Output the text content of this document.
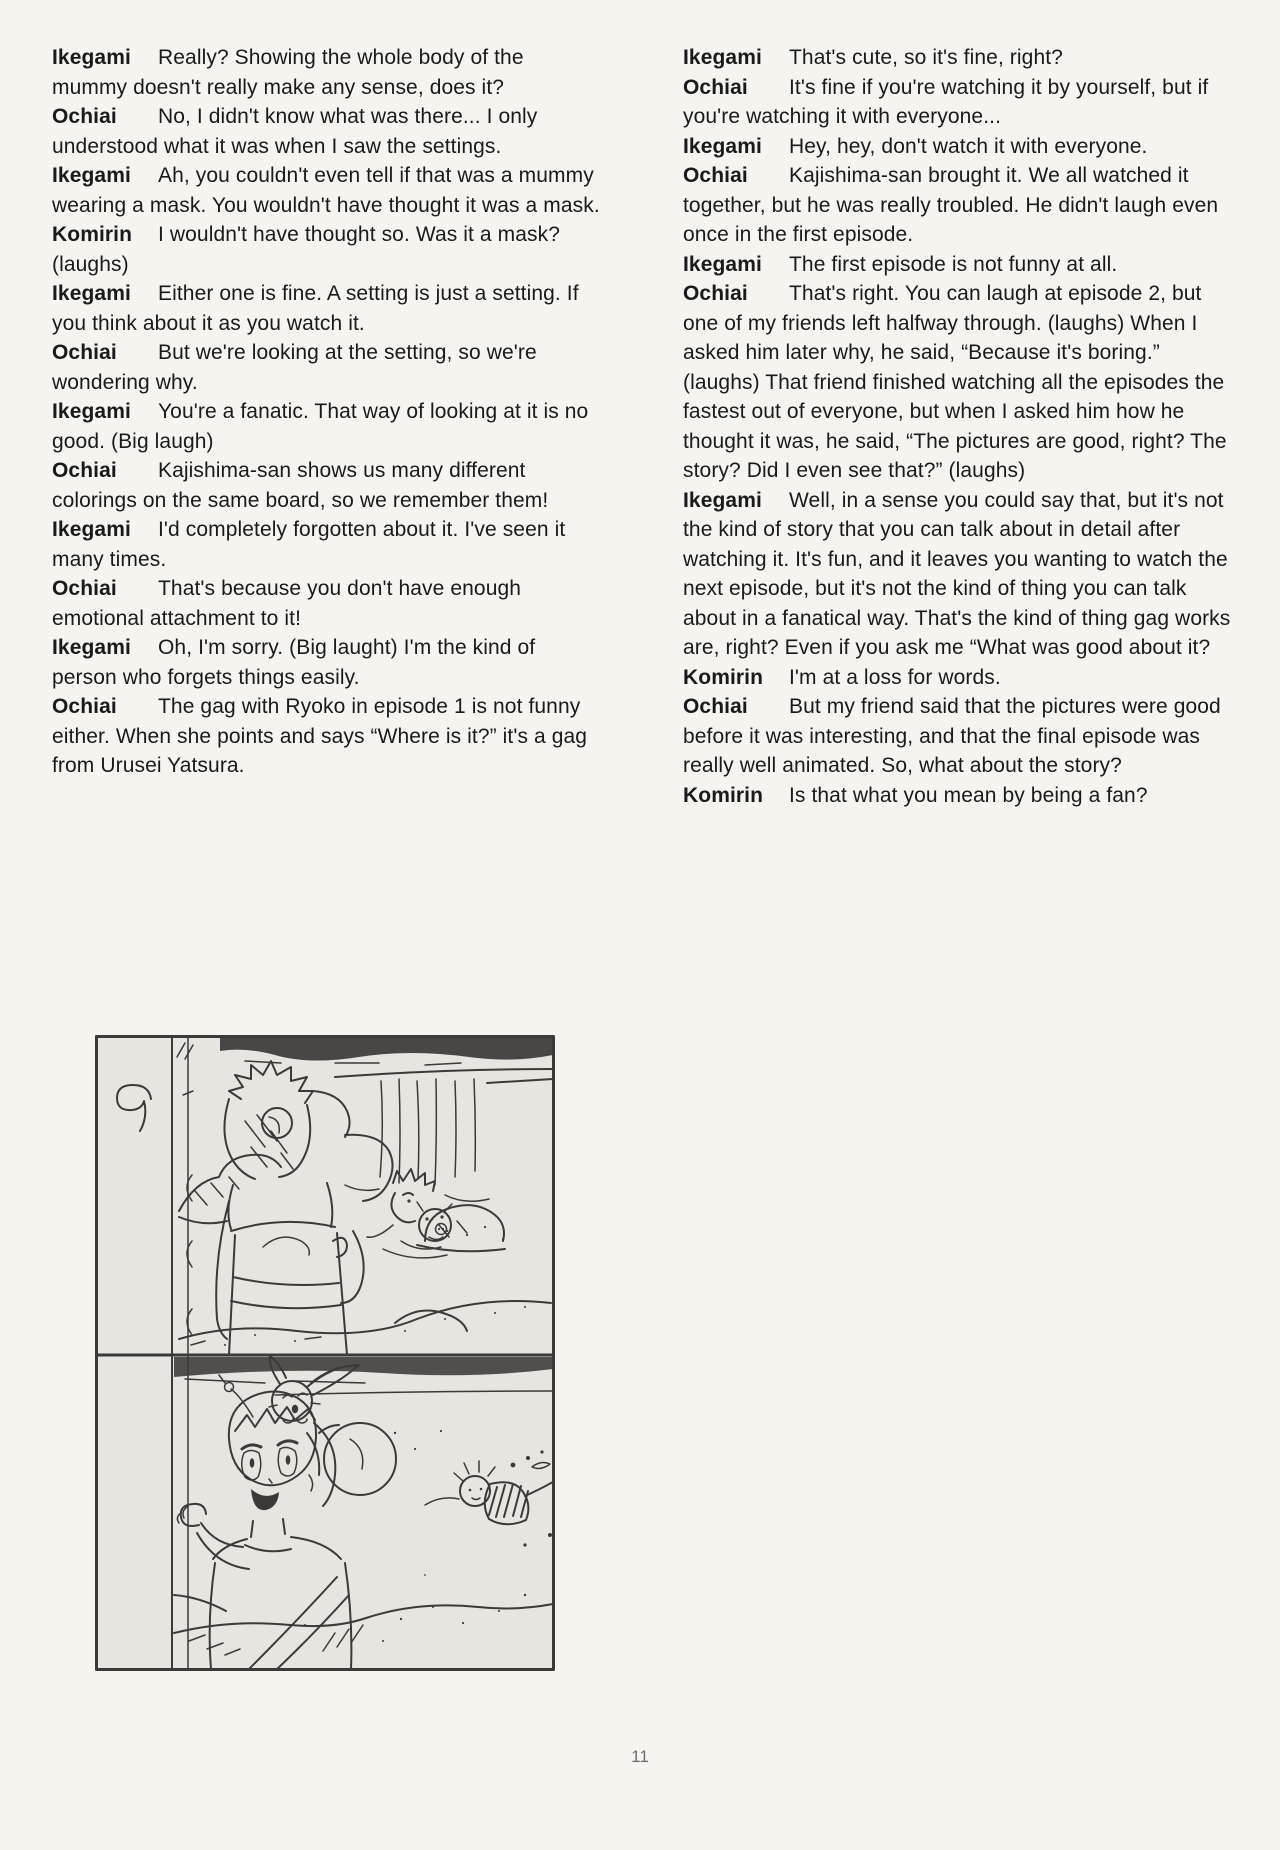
Ikegami Really? Showing the whole body of the mummy doesn't really make any sense, does it?

Ochiai No, I didn't know what was there... I only understood what it was when I saw the settings.

Ikegami Ah, you couldn't even tell if that was a mummy wearing a mask. You wouldn't have thought it was a mask.

Komirin I wouldn't have thought so. Was it a mask? (laughs)

Ikegami Either one is fine. A setting is just a setting. If you think about it as you watch it.

Ochiai But we're looking at the setting, so we're wondering why.

Ikegami You're a fanatic. That way of looking at it is no good. (Big laugh)

Ochiai Kajishima-san shows us many different colorings on the same board, so we remember them!

Ikegami I'd completely forgotten about it. I've seen it many times.

Ochiai That's because you don't have enough emotional attachment to it!

Ikegami Oh, I'm sorry. (Big laught) I'm the kind of person who forgets things easily.

Ochiai The gag with Ryoko in episode 1 is not funny either. When she points and says “Where is it?” it's a gag from Urusei Yatsura.

Ikegami That's cute, so it's fine, right?

Ochiai It's fine if you're watching it by yourself, but if you're watching it with everyone...

Ikegami Hey, hey, don't watch it with everyone.

Ochiai Kajishima-san brought it. We all watched it together, but he was really troubled. He didn't laugh even once in the first episode.

Ikegami The first episode is not funny at all.

Ochiai That's right. You can laugh at episode 2, but one of my friends left halfway through. (laughs) When I asked him later why, he said, “Because it's boring.” (laughs) That friend finished watching all the episodes the fastest out of everyone, but when I asked him how he thought it was, he said, “The pictures are good, right? The story? Did I even see that?” (laughs)

Ikegami Well, in a sense you could say that, but it's not the kind of story that you can talk about in detail after watching it. It's fun, and it leaves you wanting to watch the next episode, but it's not the kind of thing you can talk about in a fanatical way. That's the kind of thing gag works are, right? Even if you ask me “What was good about it?

Komirin I'm at a loss for words.

Ochiai But my friend said that the pictures were good before it was interesting, and that the final episode was really well animated. So, what about the story?

Komirin Is that what you mean by being a fan?

11
